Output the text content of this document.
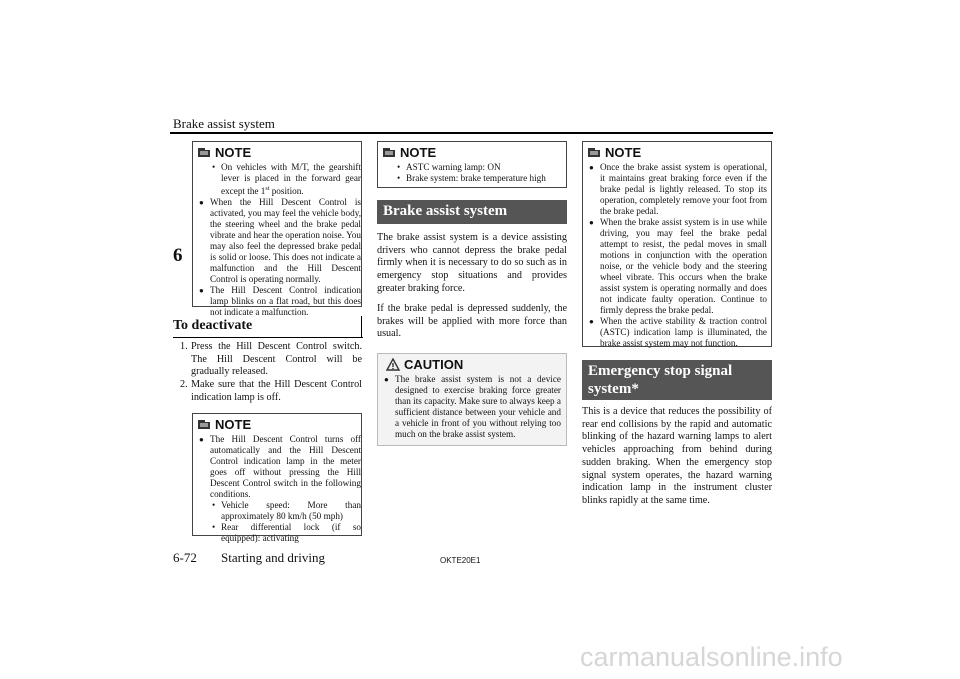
Brake assist system
6
NOTE
• On vehicles with M/T, the gearshift lever is placed in the forward gear except the 1st position.
● When the Hill Descent Control is activated, you may feel the vehicle body, the steering wheel and the brake pedal vibrate and hear the operation noise. You may also feel the depressed brake pedal is solid or loose. This does not indicate a malfunction and the Hill Descent Control is operating normally.
● The Hill Descent Control indication lamp blinks on a flat road, but this does not indicate a malfunction.
To deactivate
1. Press the Hill Descent Control switch. The Hill Descent Control will be gradually released.
2. Make sure that the Hill Descent Control indication lamp is off.
NOTE
● The Hill Descent Control turns off automatically and the Hill Descent Control indication lamp in the meter goes off without pressing the Hill Descent Control switch in the following conditions.
• Vehicle speed: More than approximately 80 km/h (50 mph)
• Rear differential lock (if so equipped): activating
NOTE
• ASTC warning lamp: ON
• Brake system: brake temperature high
Brake assist system
The brake assist system is a device assisting drivers who cannot depress the brake pedal firmly when it is necessary to do so such as in emergency stop situations and provides greater braking force.
If the brake pedal is depressed suddenly, the brakes will be applied with more force than usual.
CAUTION
● The brake assist system is not a device designed to exercise braking force greater than its capacity. Make sure to always keep a sufficient distance between your vehicle and a vehicle in front of you without relying too much on the brake assist system.
NOTE
● Once the brake assist system is operational, it maintains great braking force even if the brake pedal is lightly released. To stop its operation, completely remove your foot from the brake pedal.
● When the brake assist system is in use while driving, you may feel the brake pedal attempt to resist, the pedal moves in small motions in conjunction with the operation noise, or the vehicle body and the steering wheel vibrate. This occurs when the brake assist system is operating normally and does not indicate faulty operation. Continue to firmly depress the brake pedal.
● When the active stability & traction control (ASTC) indication lamp is illuminated, the brake assist system may not function.
Emergency stop signal system*
This is a device that reduces the possibility of rear end collisions by the rapid and automatic blinking of the hazard warning lamps to alert vehicles approaching from behind during sudden braking. When the emergency stop signal system operates, the hazard warning indication lamp in the instrument cluster blinks rapidly at the same time.
6-72 Starting and driving	OKTE20E1
carmanualsonline.info
